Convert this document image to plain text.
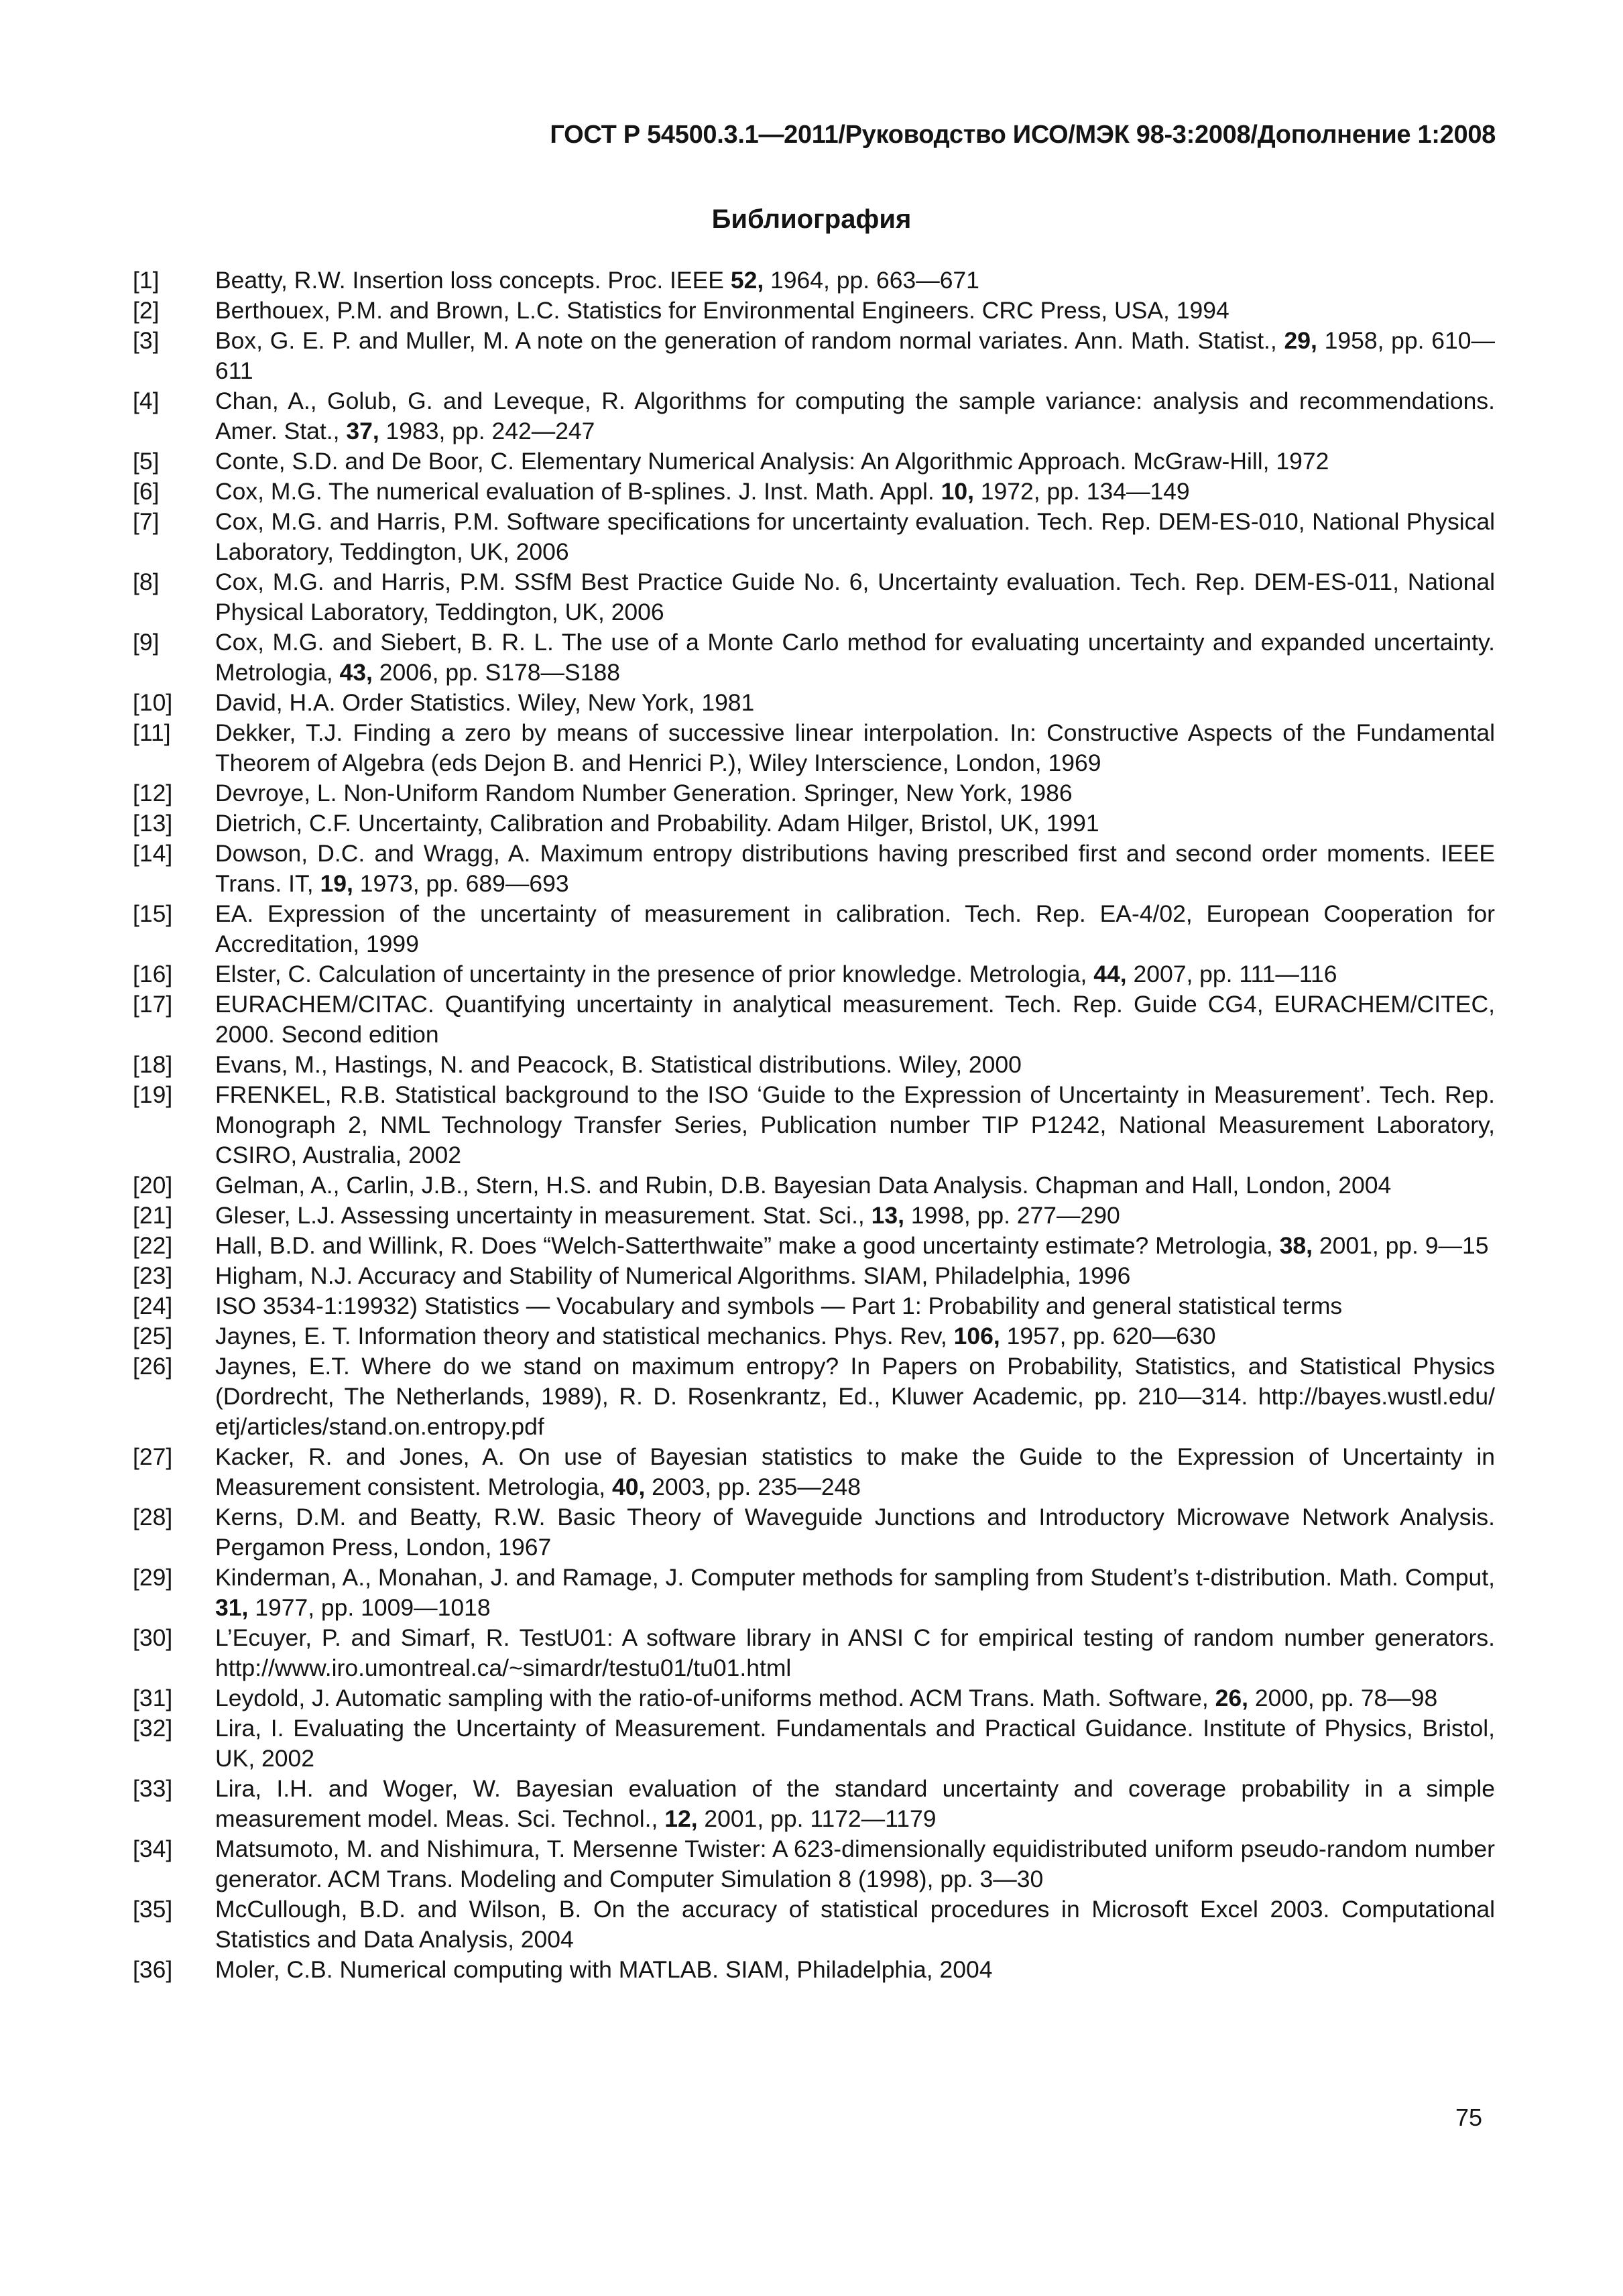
ГОСТ Р 54500.3.1—2011/Руководство ИСО/МЭК 98-3:2008/Дополнение 1:2008
Библиография
[1]	Beatty, R.W. Insertion loss concepts. Proc. IEEE 52, 1964, pp. 663—671
[2]	Berthouex, P.M. and Brown, L.C. Statistics for Environmental Engineers. CRC Press, USA, 1994
[3]	Box, G. E. P. and Muller, M. A note on the generation of random normal variates. Ann. Math. Statist., 29, 1958, pp. 610—611
[4]	Chan, A., Golub, G. and Leveque, R. Algorithms for computing the sample variance: analysis and recommendations. Amer. Stat., 37, 1983, pp. 242—247
[5]	Conte, S.D. and De Boor, C. Elementary Numerical Analysis: An Algorithmic Approach. McGraw-Hill, 1972
[6]	Cox, M.G. The numerical evaluation of B-splines. J. Inst. Math. Appl. 10, 1972, pp. 134—149
[7]	Cox, M.G. and Harris, P.M. Software specifications for uncertainty evaluation. Tech. Rep. DEM-ES-010, National Physical Laboratory, Teddington, UK, 2006
[8]	Cox, M.G. and Harris, P.M. SSfM Best Practice Guide No. 6, Uncertainty evaluation. Tech. Rep. DEM-ES-011, National Physical Laboratory, Teddington, UK, 2006
[9]	Cox, M.G. and Siebert, B. R. L. The use of a Monte Carlo method for evaluating uncertainty and expanded uncertainty. Metrologia, 43, 2006, pp. S178—S188
[10]	David, H.A. Order Statistics. Wiley, New York, 1981
[11]	Dekker, T.J. Finding a zero by means of successive linear interpolation. In: Constructive Aspects of the Fundamental Theorem of Algebra (eds Dejon B. and Henrici P.), Wiley Interscience, London, 1969
[12]	Devroye, L. Non-Uniform Random Number Generation. Springer, New York, 1986
[13]	Dietrich, C.F. Uncertainty, Calibration and Probability. Adam Hilger, Bristol, UK, 1991
[14]	Dowson, D.C. and Wragg, A. Maximum entropy distributions having prescribed first and second order moments. IEEE Trans. IT, 19, 1973, pp. 689—693
[15]	EA. Expression of the uncertainty of measurement in calibration. Tech. Rep. EA-4/02, European Cooperation for Accreditation, 1999
[16]	Elster, C. Calculation of uncertainty in the presence of prior knowledge. Metrologia, 44, 2007, pp. 111—116
[17]	EURACHEM/CITAC. Quantifying uncertainty in analytical measurement. Tech. Rep. Guide CG4, EURACHEM/CITEC, 2000. Second edition
[18]	Evans, M., Hastings, N. and Peacock, B. Statistical distributions. Wiley, 2000
[19]	FRENKEL, R.B. Statistical background to the ISO ‘Guide to the Expression of Uncertainty in Measurement’. Tech. Rep. Monograph 2, NML Technology Transfer Series, Publication number TIP P1242, National Measurement Laboratory, CSIRO, Australia, 2002
[20]	Gelman, A., Carlin, J.B., Stern, H.S. and Rubin, D.B. Bayesian Data Analysis. Chapman and Hall, London, 2004
[21]	Gleser, L.J. Assessing uncertainty in measurement. Stat. Sci., 13, 1998, pp. 277—290
[22]	Hall, B.D. and Willink, R. Does “Welch-Satterthwaite” make a good uncertainty estimate? Metrologia, 38, 2001, pp. 9—15
[23]	Higham, N.J. Accuracy and Stability of Numerical Algorithms. SIAM, Philadelphia, 1996
[24]	ISO 3534-1:19932) Statistics — Vocabulary and symbols — Part 1: Probability and general statistical terms
[25]	Jaynes, E. T. Information theory and statistical mechanics. Phys. Rev, 106, 1957, pp. 620—630
[26]	Jaynes, E.T. Where do we stand on maximum entropy? In Papers on Probability, Statistics, and Statistical Physics (Dordrecht, The Netherlands, 1989), R. D. Rosenkrantz, Ed., Kluwer Academic, pp. 210—314. http://bayes.wustl.edu/ etj/articles/stand.on.entropy.pdf
[27]	Kacker, R. and Jones, A. On use of Bayesian statistics to make the Guide to the Expression of Uncertainty in Measurement consistent. Metrologia, 40, 2003, pp. 235—248
[28]	Kerns, D.M. and Beatty, R.W. Basic Theory of Waveguide Junctions and Introductory Microwave Network Analysis. Pergamon Press, London, 1967
[29]	Kinderman, A., Monahan, J. and Ramage, J. Computer methods for sampling from Student’s t-distribution. Math. Comput, 31, 1977, pp. 1009—1018
[30]	L’Ecuyer, P. and Simarf, R. TestU01: A software library in ANSI C for empirical testing of random number generators. http://www.iro.umontreal.ca/~simardr/testu01/tu01.html
[31]	Leydold, J. Automatic sampling with the ratio-of-uniforms method. ACM Trans. Math. Software, 26, 2000, pp. 78—98
[32]	Lira, I. Evaluating the Uncertainty of Measurement. Fundamentals and Practical Guidance. Institute of Physics, Bristol, UK, 2002
[33]	Lira, I.H. and Woger, W. Bayesian evaluation of the standard uncertainty and coverage probability in a simple measurement model. Meas. Sci. Technol., 12, 2001, pp. 1172—1179
[34]	Matsumoto, M. and Nishimura, T. Mersenne Twister: A 623-dimensionally equidistributed uniform pseudo-random number generator. ACM Trans. Modeling and Computer Simulation 8 (1998), pp. 3—30
[35]	McCullough, B.D. and Wilson, B. On the accuracy of statistical procedures in Microsoft Excel 2003. Computational Statistics and Data Analysis, 2004
[36]	Moler, C.B. Numerical computing with MATLAB. SIAM, Philadelphia, 2004
75
